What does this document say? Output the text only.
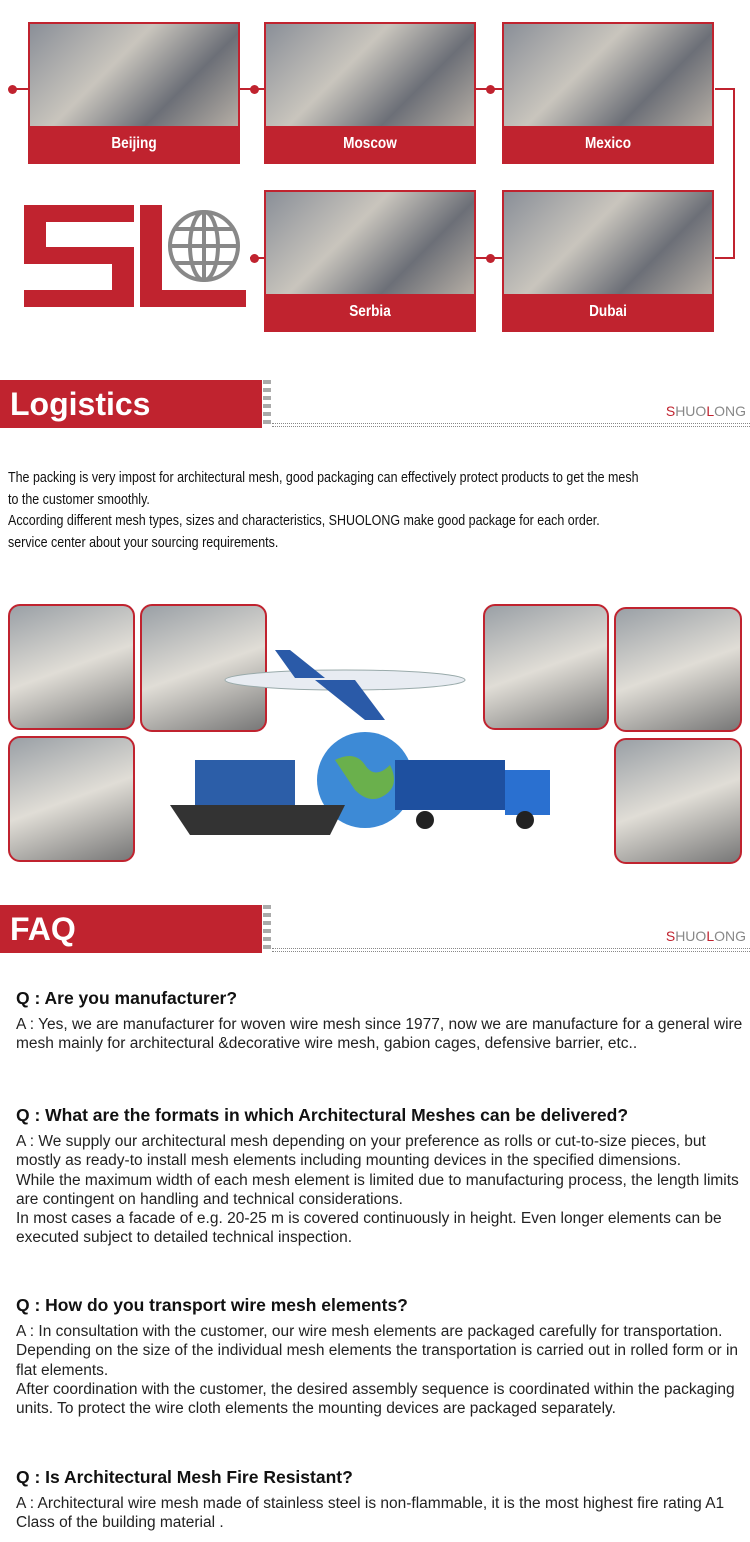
Beijing	Moscow	Mexico
Serbia	Dubai
Logistics	SHUOLONG
The packing is very impost for architectural mesh, good packaging can effectively protect products to get the mesh to the customer smoothly.
According different mesh types, sizes and characteristics, SHUOLONG make good package for each order.
service center about your sourcing requirements.
FAQ	SHUOLONG
Q : Are you manufacturer?
A : Yes, we are manufacturer for woven wire mesh since 1977, now we are manufacture for a general wire mesh mainly for architectural &decorative wire mesh, gabion cages, defensive barrier, etc..
Q : What are the formats in which Architectural Meshes can be delivered?
A : We supply our architectural mesh depending on your preference as rolls or cut-to-size pieces, but mostly as ready-to install mesh elements including mounting devices in the specified dimensions.
While the maximum width of each mesh element is limited due to manufacturing process, the length limits are contingent on handling and technical considerations.
In most cases a facade of e.g. 20-25 m is covered continuously in height. Even longer elements can be executed subject to detailed technical inspection.
Q : How do you transport wire mesh elements?
A : In consultation with the customer, our wire mesh elements are packaged carefully for transportation. Depending on the size of the individual mesh elements the transportation is carried out in rolled form or in flat elements.
After coordination with the customer, the desired assembly sequence is coordinated within the packaging units. To protect the wire cloth elements the mounting devices are packaged separately.
Q : Is Architectural Mesh Fire Resistant?
A : Architectural wire mesh made of stainless steel is non-flammable, it is the most highest fire rating A1 Class of the building material .
